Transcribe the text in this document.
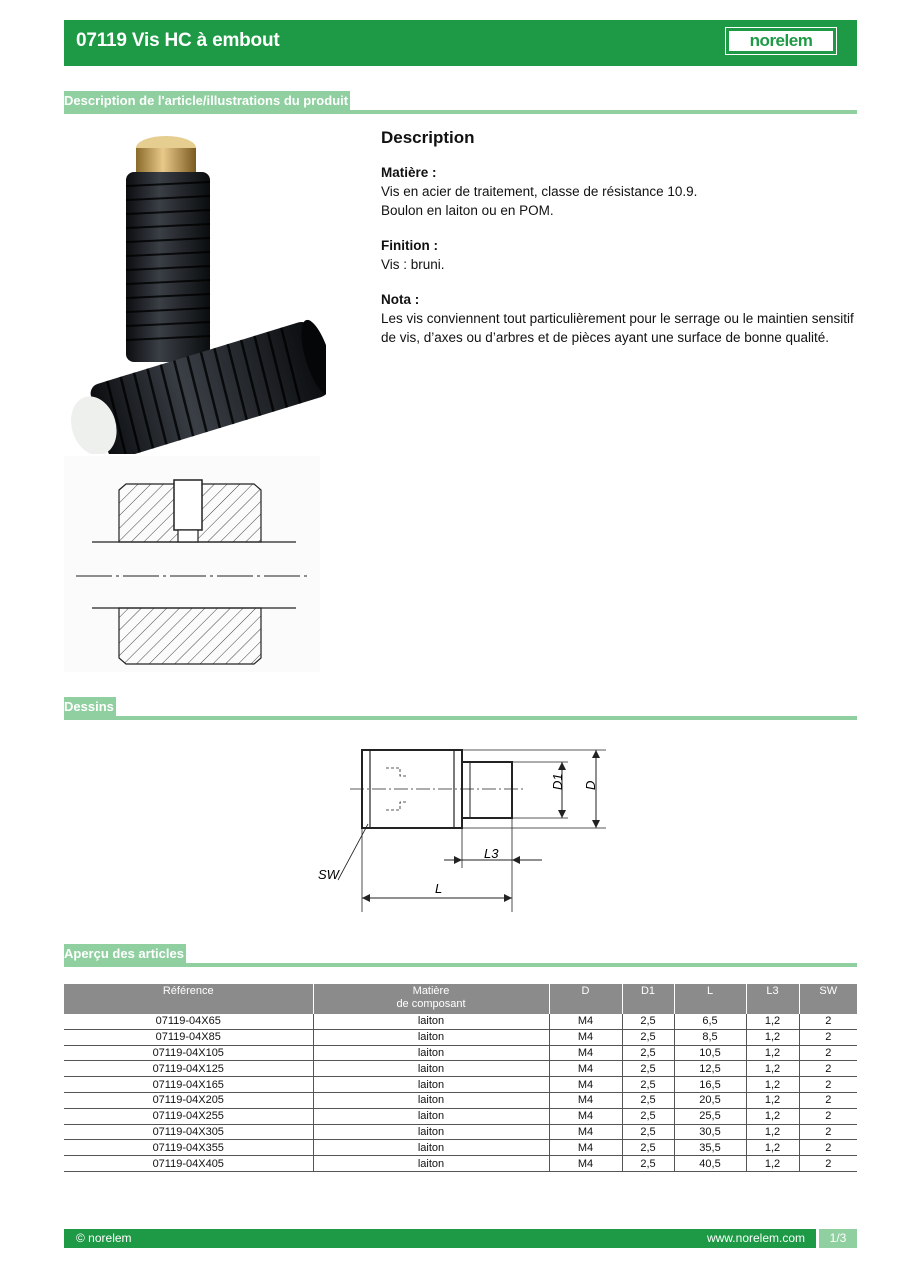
07119 Vis HC à embout	norelem
Description de l'article/illustrations du produit
Description
Matière :

Vis en acier de traitement, classe de résistance 10.9.

Boulon en laiton ou en POM.

Finition :

Vis : bruni.

Nota :

Les vis conviennent tout particulièrement pour le serrage ou le maintien sensitif de vis, d’axes ou d’arbres et de pièces ayant une surface de bonne qualité.

Dessins
D1 D
L3
L
SW
Aperçu des articles
Référence	Matière
de composant	D	D1	L	L3	SW
07119-04X65	laiton	M4	2,5	6,5	1,2	2
07119-04X85	laiton	M4	2,5	8,5	1,2	2
07119-04X105	laiton	M4	2,5	10,5	1,2	2
07119-04X125	laiton	M4	2,5	12,5	1,2	2
07119-04X165	laiton	M4	2,5	16,5	1,2	2
07119-04X205	laiton	M4	2,5	20,5	1,2	2
07119-04X255	laiton	M4	2,5	25,5	1,2	2
07119-04X305	laiton	M4	2,5	30,5	1,2	2
07119-04X355	laiton	M4	2,5	35,5	1,2	2
07119-04X405	laiton	M4	2,5	40,5	1,2	2
© norelem	www.norelem.com	1/3
